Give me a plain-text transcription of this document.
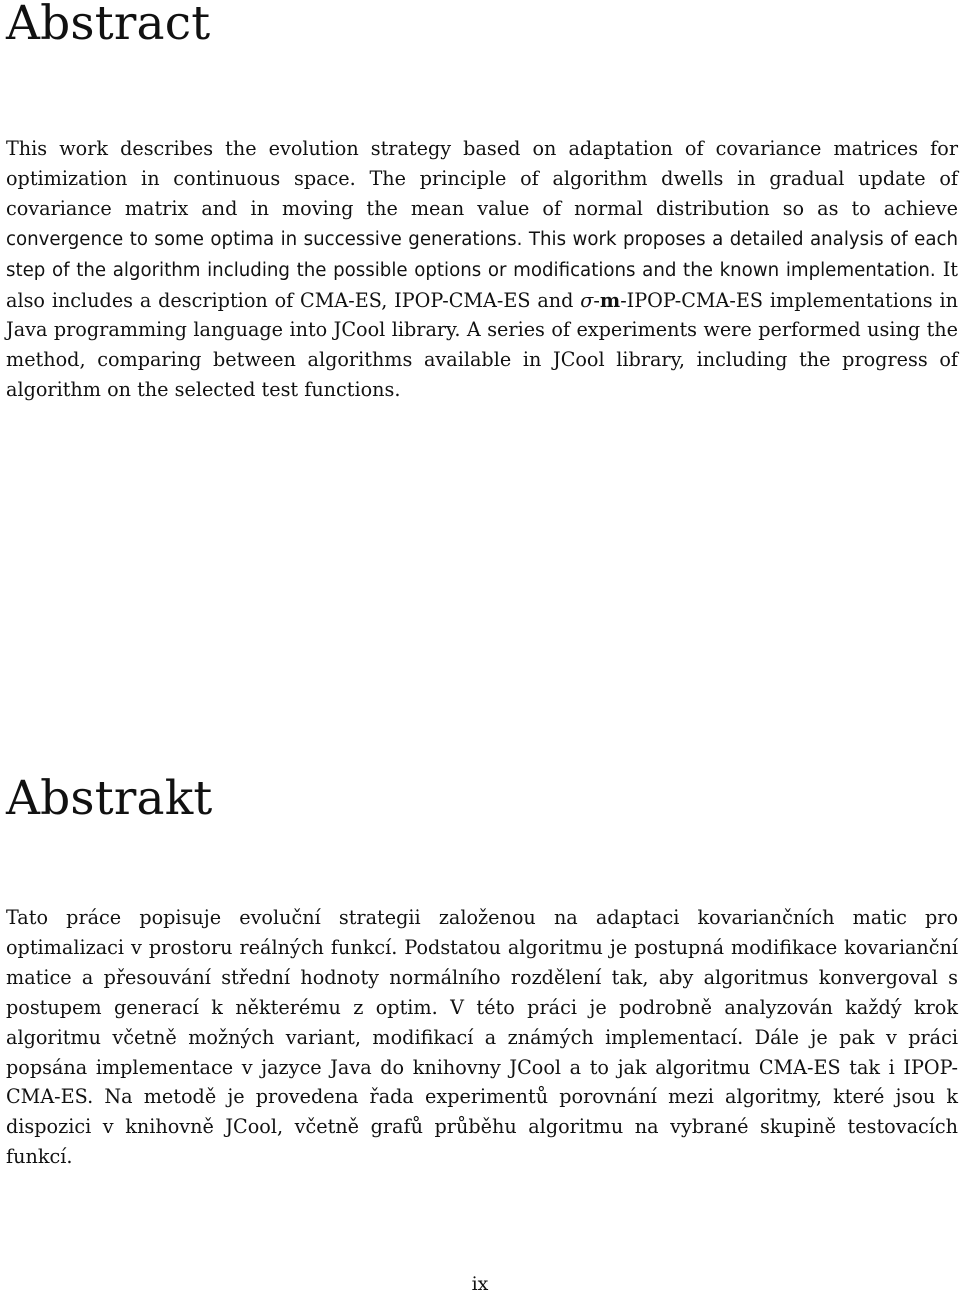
Abstract

This work describes the evolution strategy based on adaptation of covariance matrices for optimization in continuous space. The principle of algorithm dwells in gradual update of covariance matrix and in moving the mean value of normal distribution so as to achieve convergence to some optima in successive generations. This work proposes a detailed analysis of each step of the algorithm including the possible options or modifications and the known implementation. It also includes a description of CMA-ES, IPOP-CMA-ES and σ-m-IPOP-CMA-ES implementations in Java programming language into JCool library. A series of experiments were performed using the method, comparing between algorithms available in JCool library, including the progress of algorithm on the selected test functions.

Abstrakt

Tato práce popisuje evoluční strategii založenou na adaptaci kovariančních matic pro optimalizaci v prostoru reálných funkcí. Podstatou algoritmu je postupná modifikace kovarianční matice a přesouvání střední hodnoty normálního rozdělení tak, aby algoritmus konvergoval s postupem generací k některému z optim. V této práci je podrobně analyzován každý krok algoritmu včetně možných variant, modifikací a známých implementací. Dále je pak v práci popsána implementace v jazyce Java do knihovny JCool a to jak algoritmu CMA-ES tak i IPOP-CMA-ES. Na metodě je provedena řada experimentů porovnání mezi algoritmy, které jsou k dispozici v knihovně JCool, včetně grafů průběhu algoritmu na vybrané skupině testovacích funkcí.

ix
